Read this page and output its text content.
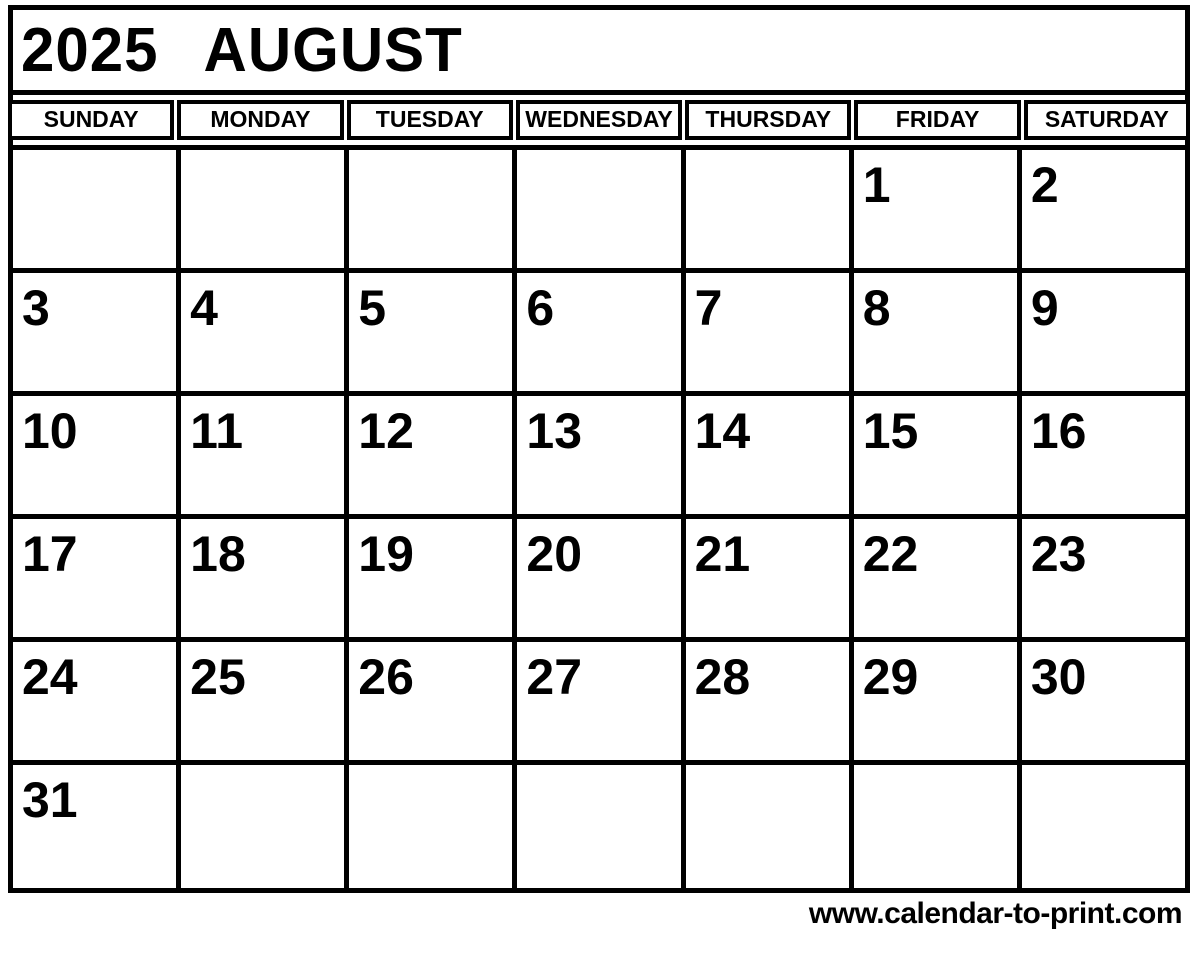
2025 AUGUST
SUNDAY	MONDAY	TUESDAY	WEDNESDAY	THURSDAY	FRIDAY	SATURDAY
					1	2
3	4	5	6	7	8	9
10	11	12	13	14	15	16
17	18	19	20	21	22	23
24	25	26	27	28	29	30
31						
www.calendar-to-print.com
